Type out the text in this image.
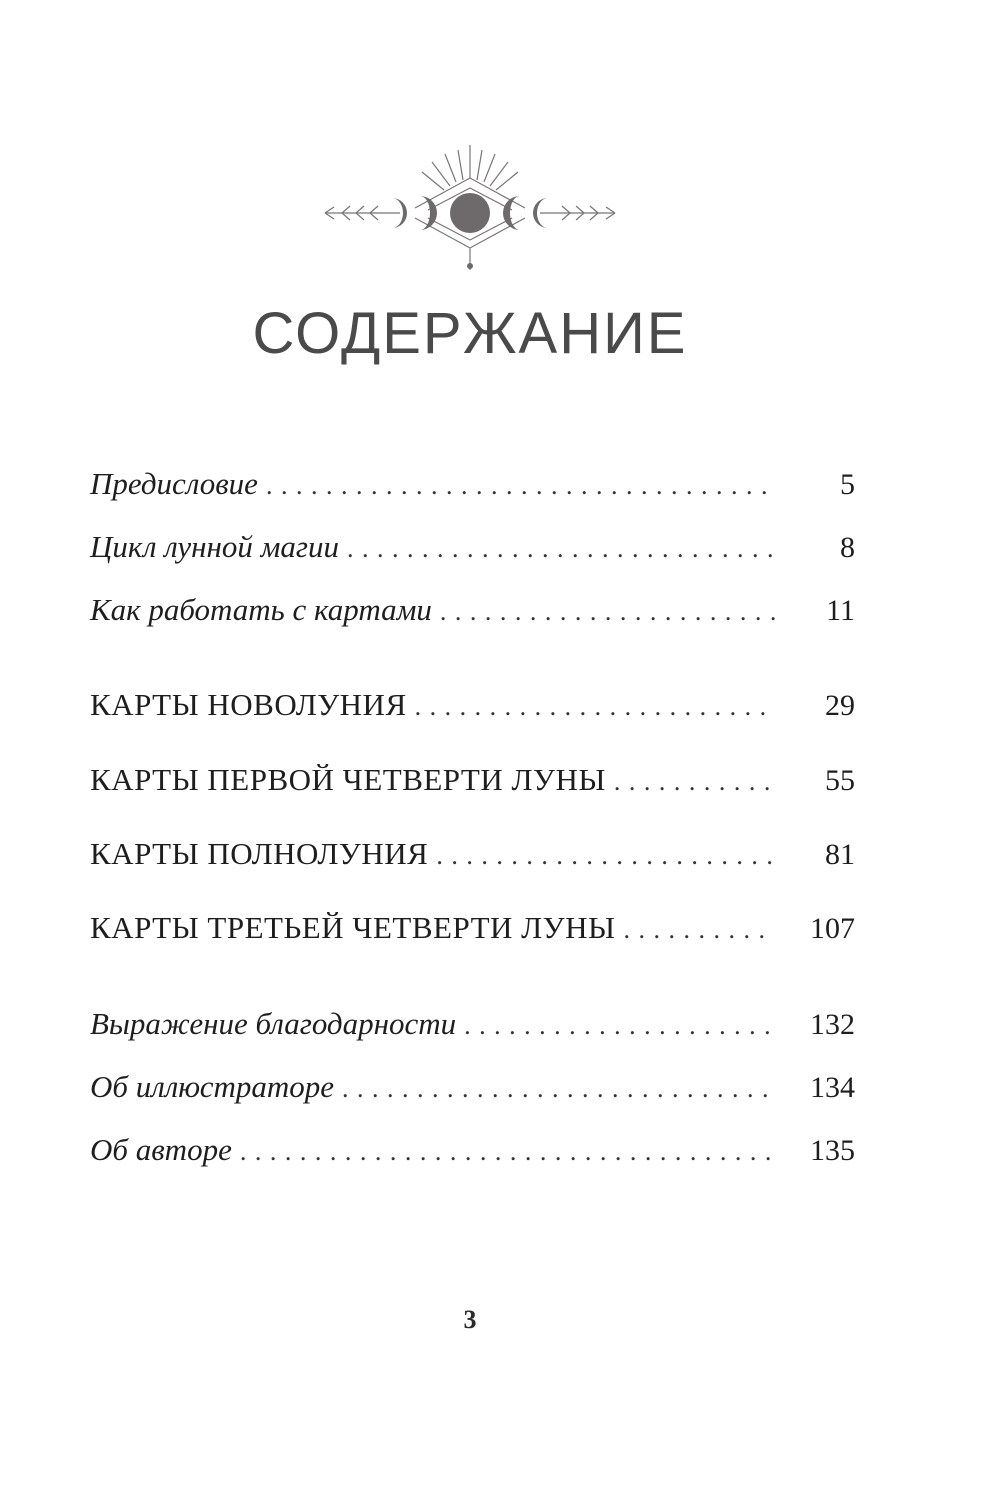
СОДЕРЖАНИЕ
Предисловие . . .	5
Цикл лунной магии . . .	8
Как работать с картами . . .	11
КАРТЫ НОВОЛУНИЯ . . .	29
КАРТЫ ПЕРВОЙ ЧЕТВЕРТИ ЛУНЫ . . .	55
КАРТЫ ПОЛНОЛУНИЯ . . .	81
КАРТЫ ТРЕТЬЕЙ ЧЕТВЕРТИ ЛУНЫ . . .	107
Выражение благодарности . . .	132
Об иллюстраторе . . .	134
Об авторе . . .	135
3
